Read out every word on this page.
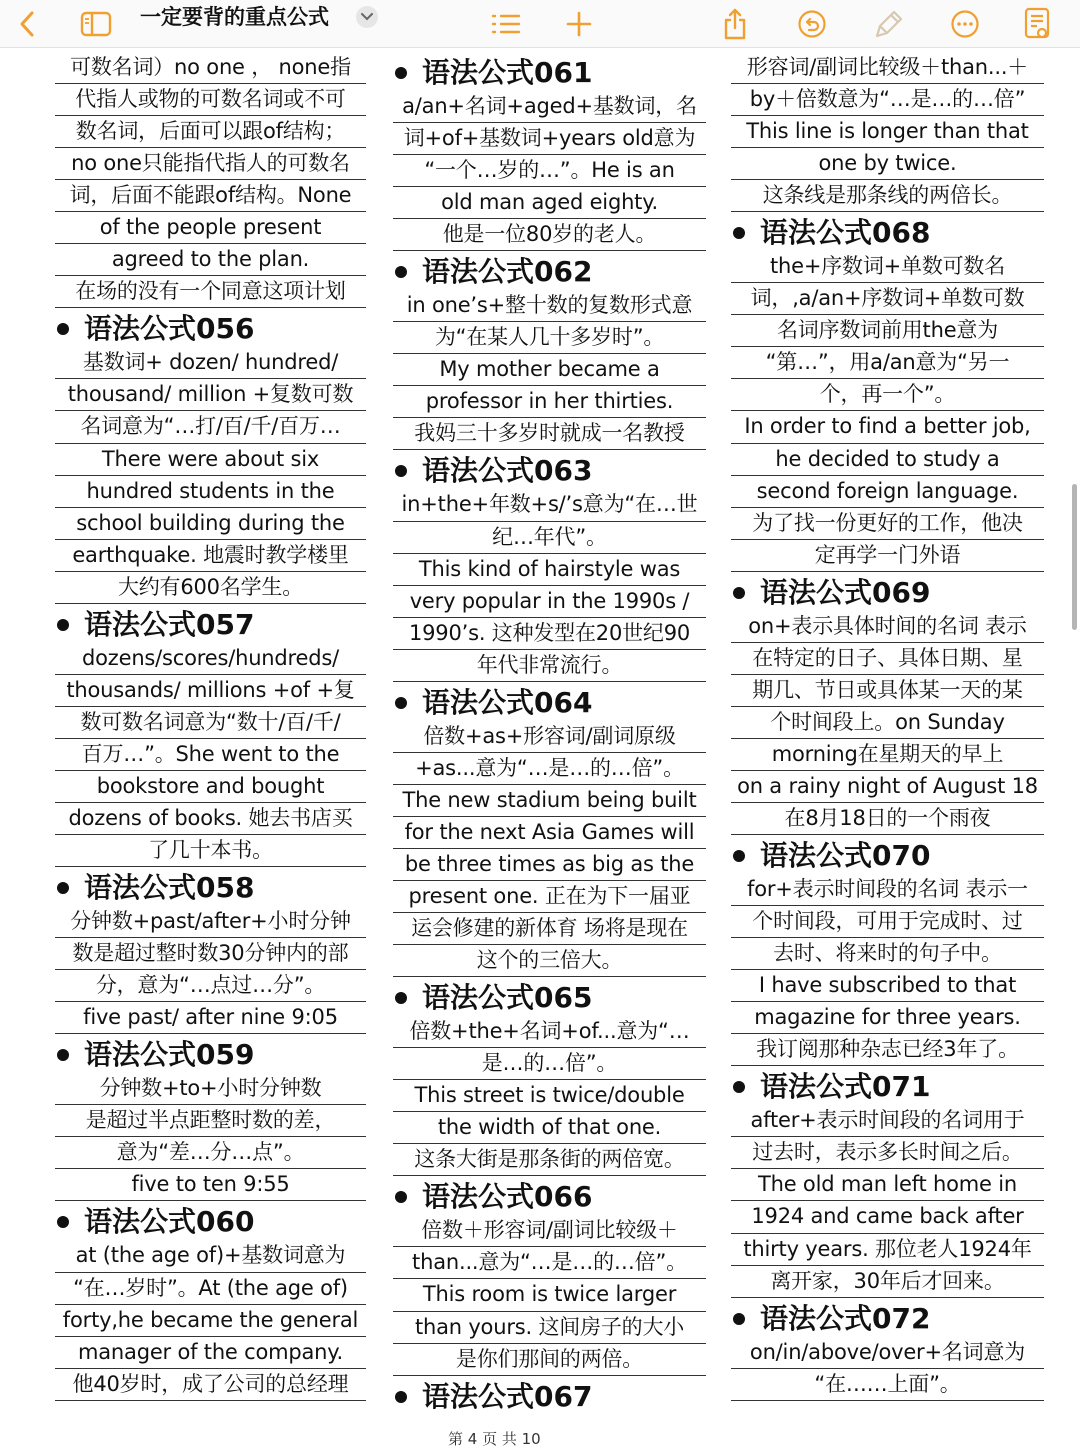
一定要背的重点公式
可数名词）no one ， none指
代指人或物的可数名词或不可
数名词，后面可以跟of结构；
no one只能指代指人的可数名
词，后面不能跟of结构。None
of the people present
agreed to the plan.
在场的没有一个同意这项计划
语法公式056
基数词+ dozen/ hundred/
thousand/ million +复数可数
名词意为“…打/百/千/百万…
There were about six
hundred students in the
school building during the
earthquake. 地震时教学楼里
大约有600名学生。
语法公式057
dozens/scores/hundreds/
thousands/ millions +of +复
数可数名词意为“数十/百/千/
百万…”。She went to the
bookstore and bought
dozens of books. 她去书店买
了几十本书。
语法公式058
分钟数+past/after+小时分钟
数是超过整时数30分钟内的部
分，意为“…点过…分”。
five past/ after nine 9:05
语法公式059
分钟数+to+小时分钟数
是超过半点距整时数的差，
意为“差…分…点”。
five to ten 9:55
语法公式060
at (the age of)+基数词意为
“在…岁时”。At (the age of)
forty,he became the general
manager of the company.
他40岁时，成了公司的总经理
语法公式061
a/an+名词+aged+基数词，名
词+of+基数词+years old意为
“一个…岁的…”。He is an
old man aged eighty.
他是一位80岁的老人。
语法公式062
in one’s+整十数的复数形式意
为“在某人几十多岁时”。
My mother became a
professor in her thirties.
我妈三十多岁时就成一名教授
语法公式063
in+the+年数+s/’s意为“在…世
纪…年代”。
This kind of hairstyle was
very popular in the 1990s /
1990’s. 这种发型在20世纪90
年代非常流行。
语法公式064
倍数+as+形容词/副词原级
+as...意为“…是…的…倍”。
The new stadium being built
for the next Asia Games will
be three times as big as the
present one. 正在为下一届亚
运会修建的新体育 场将是现在
这个的三倍大。
语法公式065
倍数+the+名词+of...意为“…
是…的…倍”。
This street is twice/double
the width of that one.
这条大街是那条街的两倍宽。
语法公式066
倍数＋形容词/副词比较级＋
than...意为“…是…的…倍”。
This room is twice larger
than yours. 这间房子的大小
是你们那间的两倍。
语法公式067
形容词/副词比较级＋than...＋
by＋倍数意为“…是…的…倍”
This line is longer than that
one by twice.
这条线是那条线的两倍长。
语法公式068
the+序数词+单数可数名
词，,a/an+序数词+单数可数
名词序数词前用the意为
“第…”，用a/an意为“另一
个，再一个”。
In order to find a better job,
he decided to study a
second foreign language.
为了找一份更好的工作，他决
定再学一门外语
语法公式069
on+表示具体时间的名词 表示
在特定的日子、具体日期、星
期几、节日或具体某一天的某
个时间段上。on Sunday
morning在星期天的早上
on a rainy night of August 18
在8月18日的一个雨夜
语法公式070
for+表示时间段的名词 表示一
个时间段，可用于完成时、过
去时、将来时的句子中。
I have subscribed to that
magazine for three years.
我订阅那种杂志已经3年了。
语法公式071
after+表示时间段的名词用于
过去时，表示多长时间之后。
The old man left home in
1924 and came back after
thirty years. 那位老人1924年
离开家，30年后才回来。
语法公式072
on/in/above/over+名词意为
“在……上面”。
第 4 页 共 10
